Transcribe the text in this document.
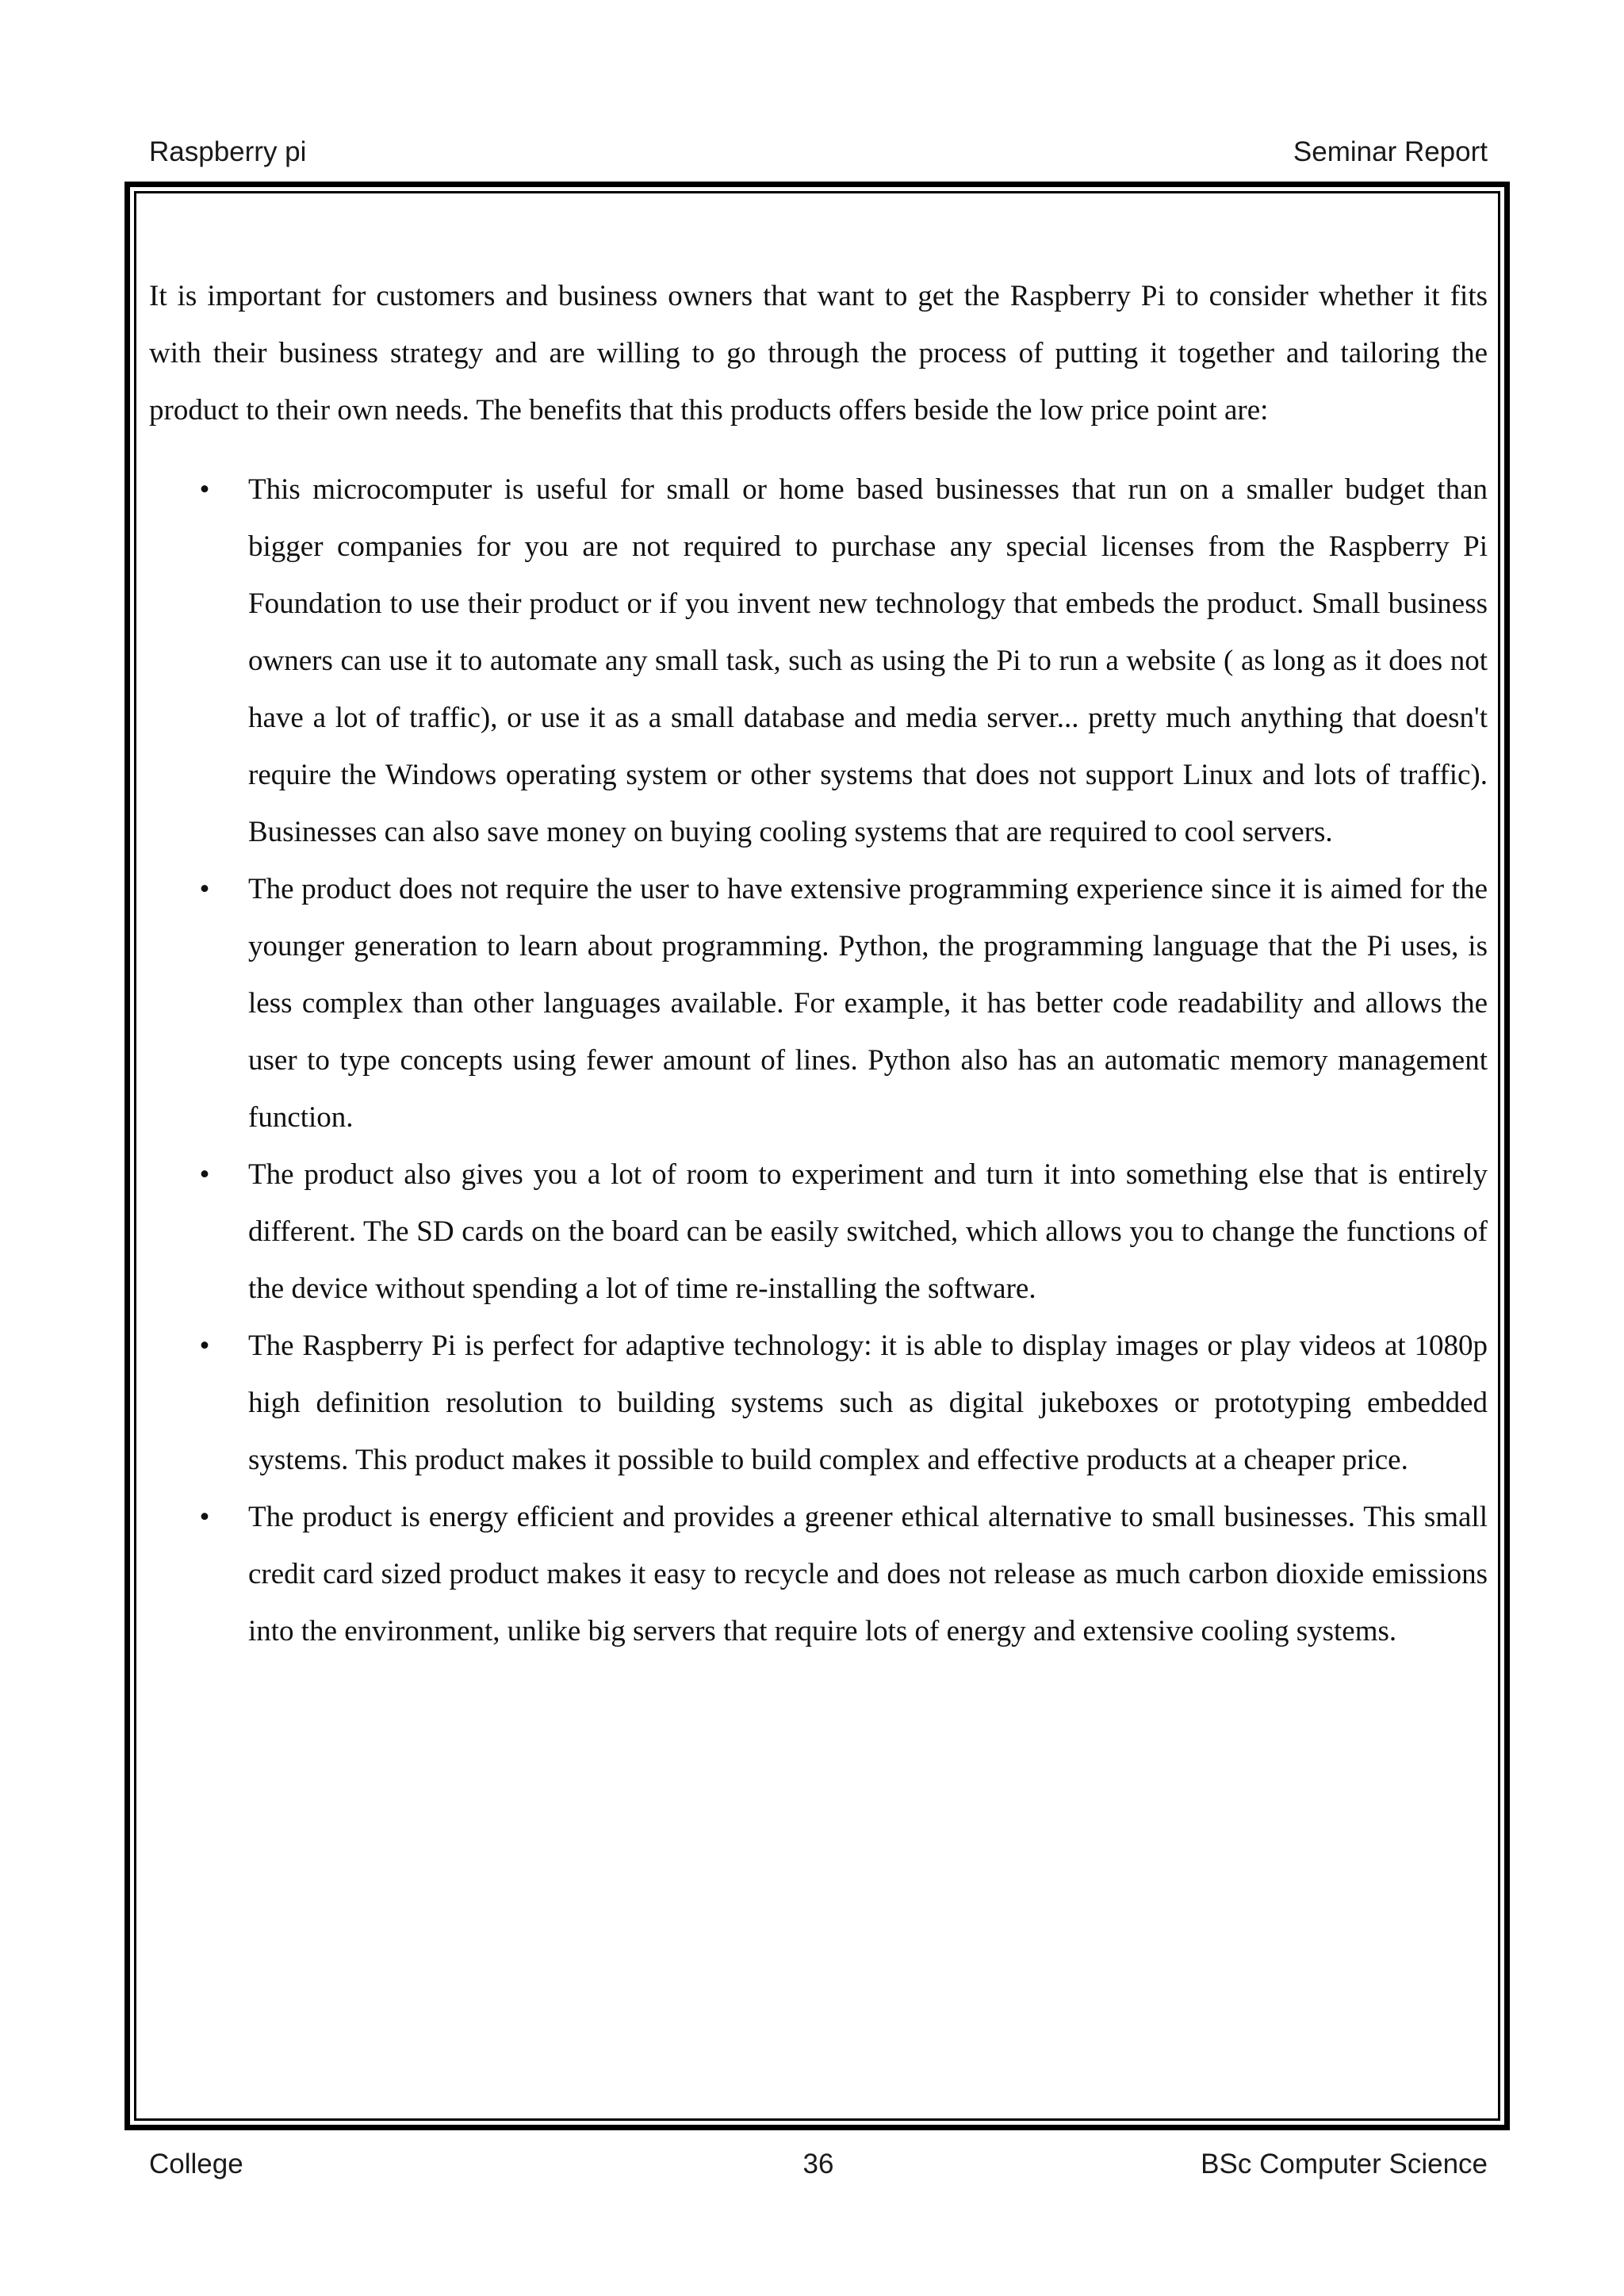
Raspberry pi	Seminar Report

It is important for customers and business owners that want to get the Raspberry Pi to consider whether it fits with their business strategy and are willing to go through the process of putting it together and tailoring the product to their own needs. The benefits that this products offers beside the low price point are:

• This microcomputer is useful for small or home based businesses that run on a smaller budget than bigger companies for you are not required to purchase any special licenses from the Raspberry Pi Foundation to use their product or if you invent new technology that embeds the product. Small business owners can use it to automate any small task, such as using the Pi to run a website ( as long as it does not have a lot of traffic), or use it as a small database and media server... pretty much anything that doesn't require the Windows operating system or other systems that does not support Linux and lots of traffic). Businesses can also save money on buying cooling systems that are required to cool servers.
• The product does not require the user to have extensive programming experience since it is aimed for the younger generation to learn about programming. Python, the programming language that the Pi uses, is less complex than other languages available. For example, it has better code readability and allows the user to type concepts using fewer amount of lines. Python also has an automatic memory management function.
• The product also gives you a lot of room to experiment and turn it into something else that is entirely different. The SD cards on the board can be easily switched, which allows you to change the functions of the device without spending a lot of time re-installing the software.
• The Raspberry Pi is perfect for adaptive technology: it is able to display images or play videos at 1080p high definition resolution to building systems such as digital jukeboxes or prototyping embedded systems. This product makes it possible to build complex and effective products at a cheaper price.
• The product is energy efficient and provides a greener ethical alternative to small businesses. This small credit card sized product makes it easy to recycle and does not release as much carbon dioxide emissions into the environment, unlike big servers that require lots of energy and extensive cooling systems.
College	36	BSc Computer Science
